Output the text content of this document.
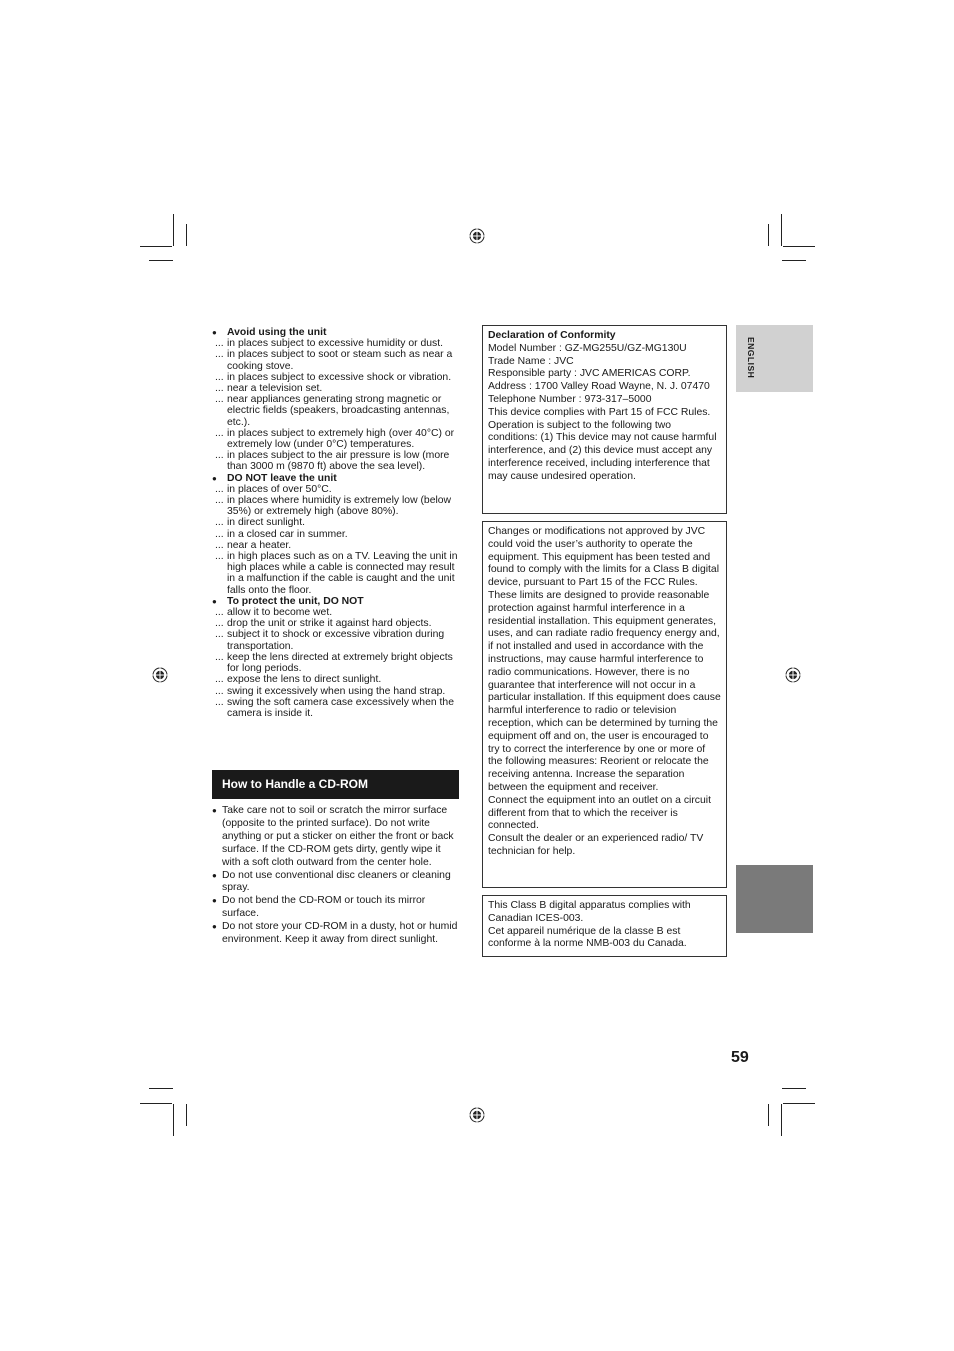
● Avoid using the unit
... in places subject to excessive humidity or dust.
... in places subject to soot or steam such as near a cooking stove.
... in places subject to excessive shock or vibration.
... near a television set.
... near appliances generating strong magnetic or electric fields (speakers, broadcasting antennas, etc.).
... in places subject to extremely high (over 40°C) or extremely low (under 0°C) temperatures.
... in places subject to the air pressure is low (more than 3000 m (9870 ft) above the sea level).
● DO NOT leave the unit
... in places of over 50°C.
... in places where humidity is extremely low (below 35%) or extremely high (above 80%).
... in direct sunlight.
... in a closed car in summer.
... near a heater.
... in high places such as on a TV. Leaving the unit in high places while a cable is connected may result in a malfunction if the cable is caught and the unit falls onto the floor.
● To protect the unit, DO NOT
... allow it to become wet.
... drop the unit or strike it against hard objects.
... subject it to shock or excessive vibration during transportation.
... keep the lens directed at extremely bright objects for long periods.
... expose the lens to direct sunlight.
... swing it excessively when using the hand strap.
... swing the soft camera case excessively when the camera is inside it.
How to Handle a CD-ROM
● Take care not to soil or scratch the mirror surface (opposite to the printed surface). Do not write anything or put a sticker on either the front or back surface. If the CD-ROM gets dirty, gently wipe it with a soft cloth outward from the center hole.
● Do not use conventional disc cleaners or cleaning spray.
● Do not bend the CD-ROM or touch its mirror surface.
● Do not store your CD-ROM in a dusty, hot or humid environment. Keep it away from direct sunlight.

Declaration of Conformity

Model Number : GZ-MG255U/GZ-MG130U

Trade Name : JVC

Responsible party : JVC AMERICAS CORP.

Address : 1700 Valley Road Wayne, N. J. 07470

Telephone Number : 973-317–5000

This device complies with Part 15 of FCC Rules. Operation is subject to the following two conditions: (1) This device may not cause harmful interference, and (2) this device must accept any interference received, including interference that may cause undesired operation.

Changes or modifications not approved by JVC could void the user’s authority to operate the equipment. This equipment has been tested and found to comply with the limits for a Class B digital device, pursuant to Part 15 of the FCC Rules. These limits are designed to provide reasonable protection against harmful interference in a residential installation. This equipment generates, uses, and can radiate radio frequency energy and, if not installed and used in accordance with the instructions, may cause harmful interference to radio communications. However, there is no guarantee that interference will not occur in a particular installation. If this equipment does cause harmful interference to radio or television reception, which can be determined by turning the equipment off and on, the user is encouraged to try to correct the interference by one or more of the following measures: Reorient or relocate the receiving antenna. Increase the separation between the equipment and receiver.

Connect the equipment into an outlet on a circuit different from that to which the receiver is connected.

Consult the dealer or an experienced radio/ TV technician for help.

This Class B digital apparatus complies with Canadian ICES-003.

Cet appareil numérique de la classe B est conforme à la norme NMB-003 du Canada.

ENGLISH
59
